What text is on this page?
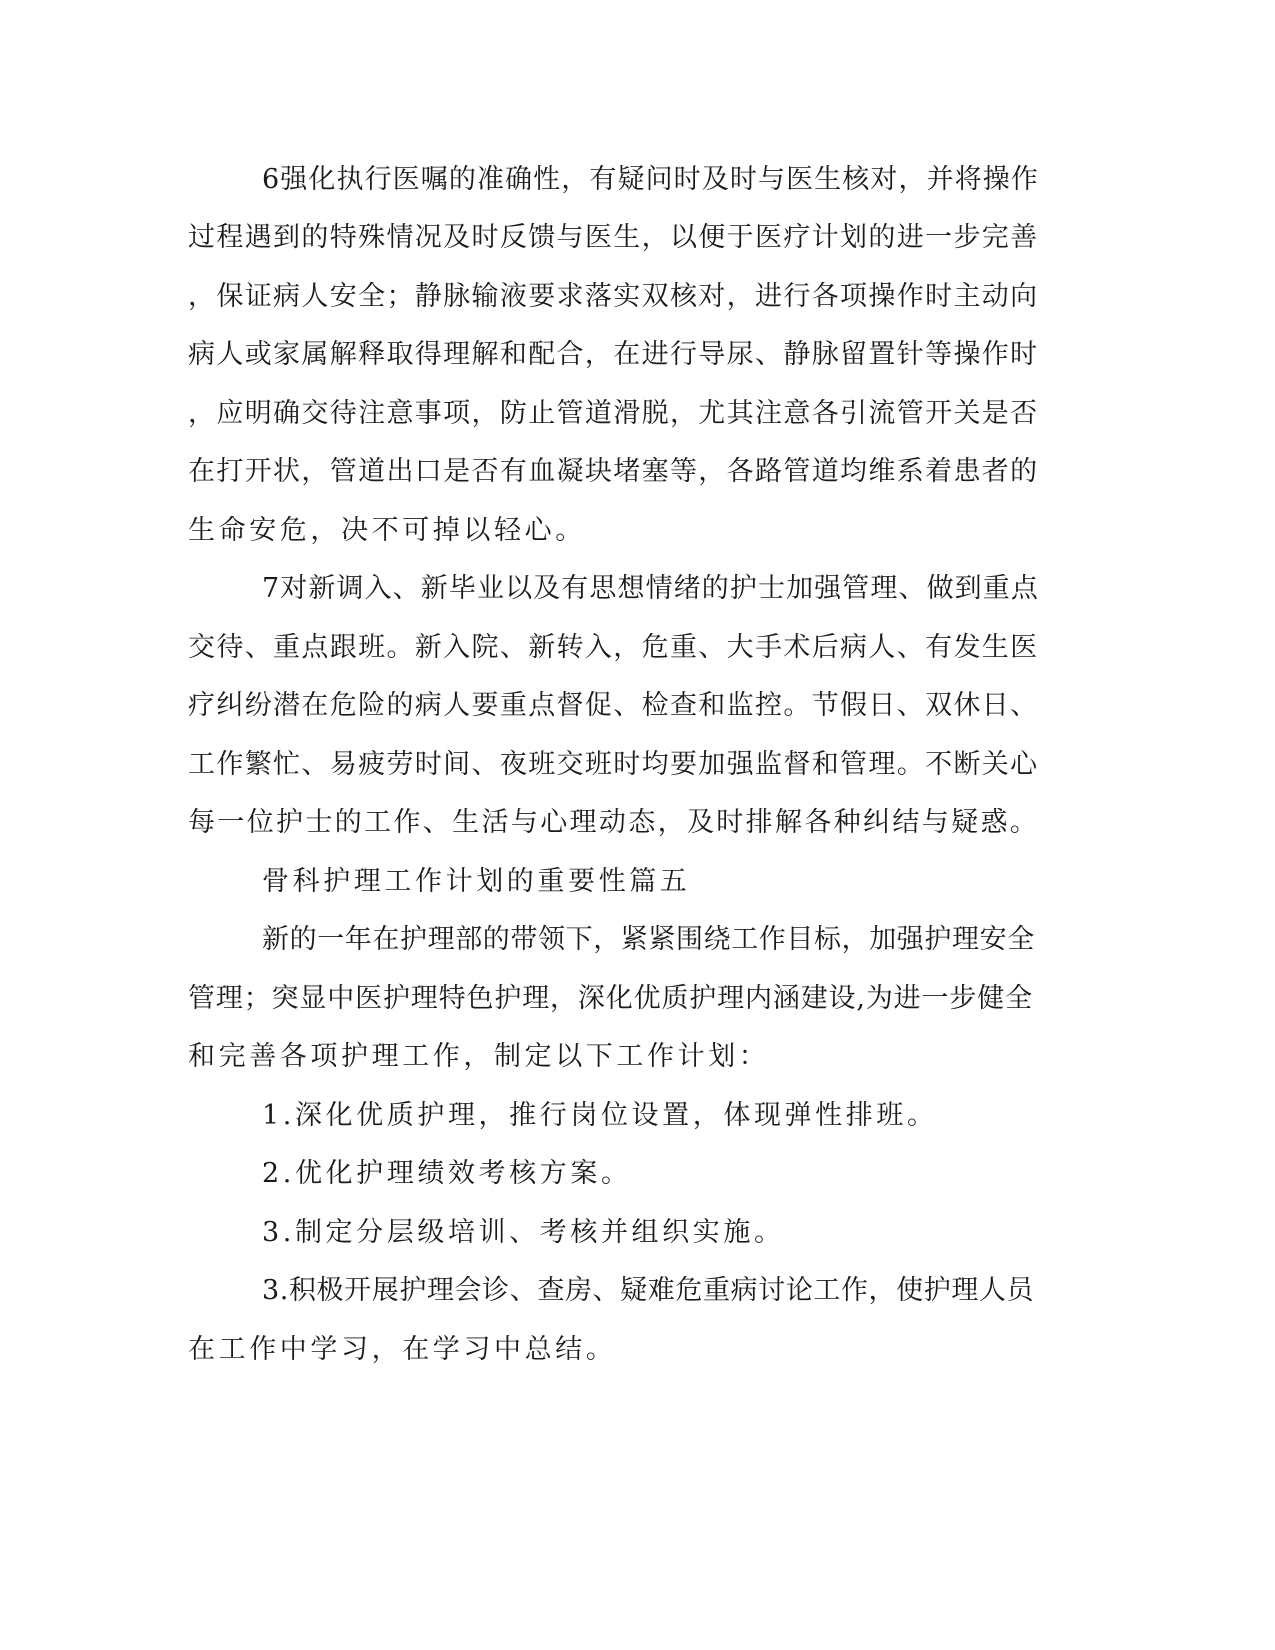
6强化执行医嘱的准确性，有疑问时及时与医生核对，并将操作

过程遇到的特殊情况及时反馈与医生，以便于医疗计划的进一步完善

，保证病人安全；静脉输液要求落实双核对，进行各项操作时主动向

病人或家属解释取得理解和配合，在进行导尿、静脉留置针等操作时

，应明确交待注意事项，防止管道滑脱，尤其注意各引流管开关是否

在打开状，管道出口是否有血凝块堵塞等，各路管道均维系着患者的

生命安危，决不可掉以轻心。

7对新调入、新毕业以及有思想情绪的护士加强管理、做到重点

交待、重点跟班。新入院、新转入，危重、大手术后病人、有发生医

疗纠纷潜在危险的病人要重点督促、检查和监控。节假日、双休日、

工作繁忙、易疲劳时间、夜班交班时均要加强监督和管理。不断关心

每一位护士的工作、生活与心理动态，及时排解各种纠结与疑惑。

骨科护理工作计划的重要性篇五

新的一年在护理部的带领下，紧紧围绕工作目标，加强护理安全

管理；突显中医护理特色护理，深化优质护理内涵建设,为进一步健全

和完善各项护理工作，制定以下工作计划：

1.深化优质护理，推行岗位设置，体现弹性排班。

2.优化护理绩效考核方案。

3.制定分层级培训、考核并组织实施。

3.积极开展护理会诊、查房、疑难危重病讨论工作，使护理人员

在工作中学习，在学习中总结。
